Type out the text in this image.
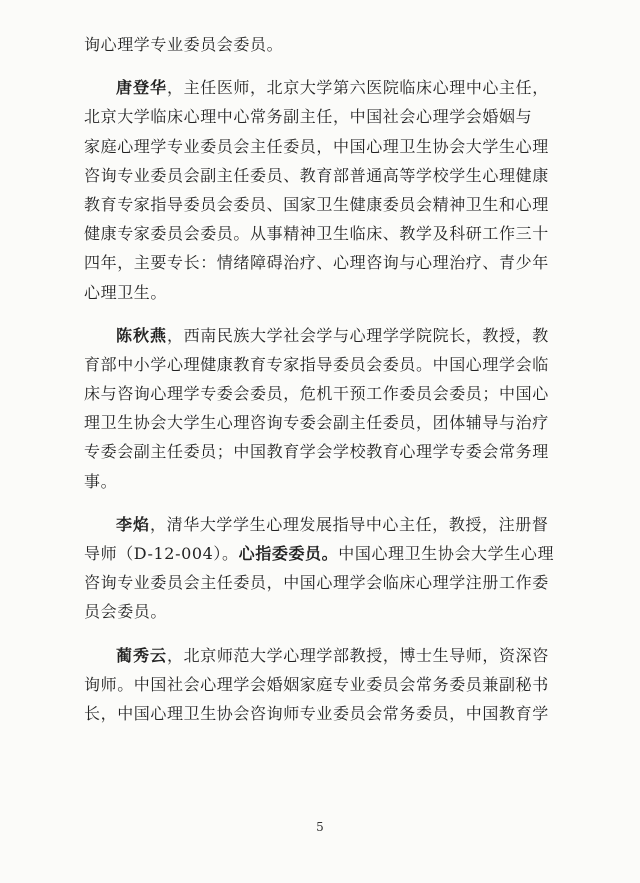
询心理学专业委员会委员。
唐登华，主任医师，北京大学第六医院临床心理中心主任，
北京大学临床心理中心常务副主任，中国社会心理学会婚姻与
家庭心理学专业委员会主任委员，中国心理卫生协会大学生心理
咨询专业委员会副主任委员、教育部普通高等学校学生心理健康
教育专家指导委员会委员、国家卫生健康委员会精神卫生和心理
健康专家委员会委员。从事精神卫生临床、教学及科研工作三十
四年，主要专长：情绪障碍治疗、心理咨询与心理治疗、青少年
心理卫生。
陈秋燕，西南民族大学社会学与心理学学院院长，教授，教
育部中小学心理健康教育专家指导委员会委员。中国心理学会临
床与咨询心理学专委会委员，危机干预工作委员会委员；中国心
理卫生协会大学生心理咨询专委会副主任委员，团体辅导与治疗
专委会副主任委员；中国教育学会学校教育心理学专委会常务理
事。
李焰，清华大学学生心理发展指导中心主任，教授，注册督
导师（D-12-004）。心指委委员。中国心理卫生协会大学生心理
咨询专业委员会主任委员，中国心理学会临床心理学注册工作委
员会委员。
蔺秀云，北京师范大学心理学部教授，博士生导师，资深咨
询师。中国社会心理学会婚姻家庭专业委员会常务委员兼副秘书
长，中国心理卫生协会咨询师专业委员会常务委员，中国教育学
5
